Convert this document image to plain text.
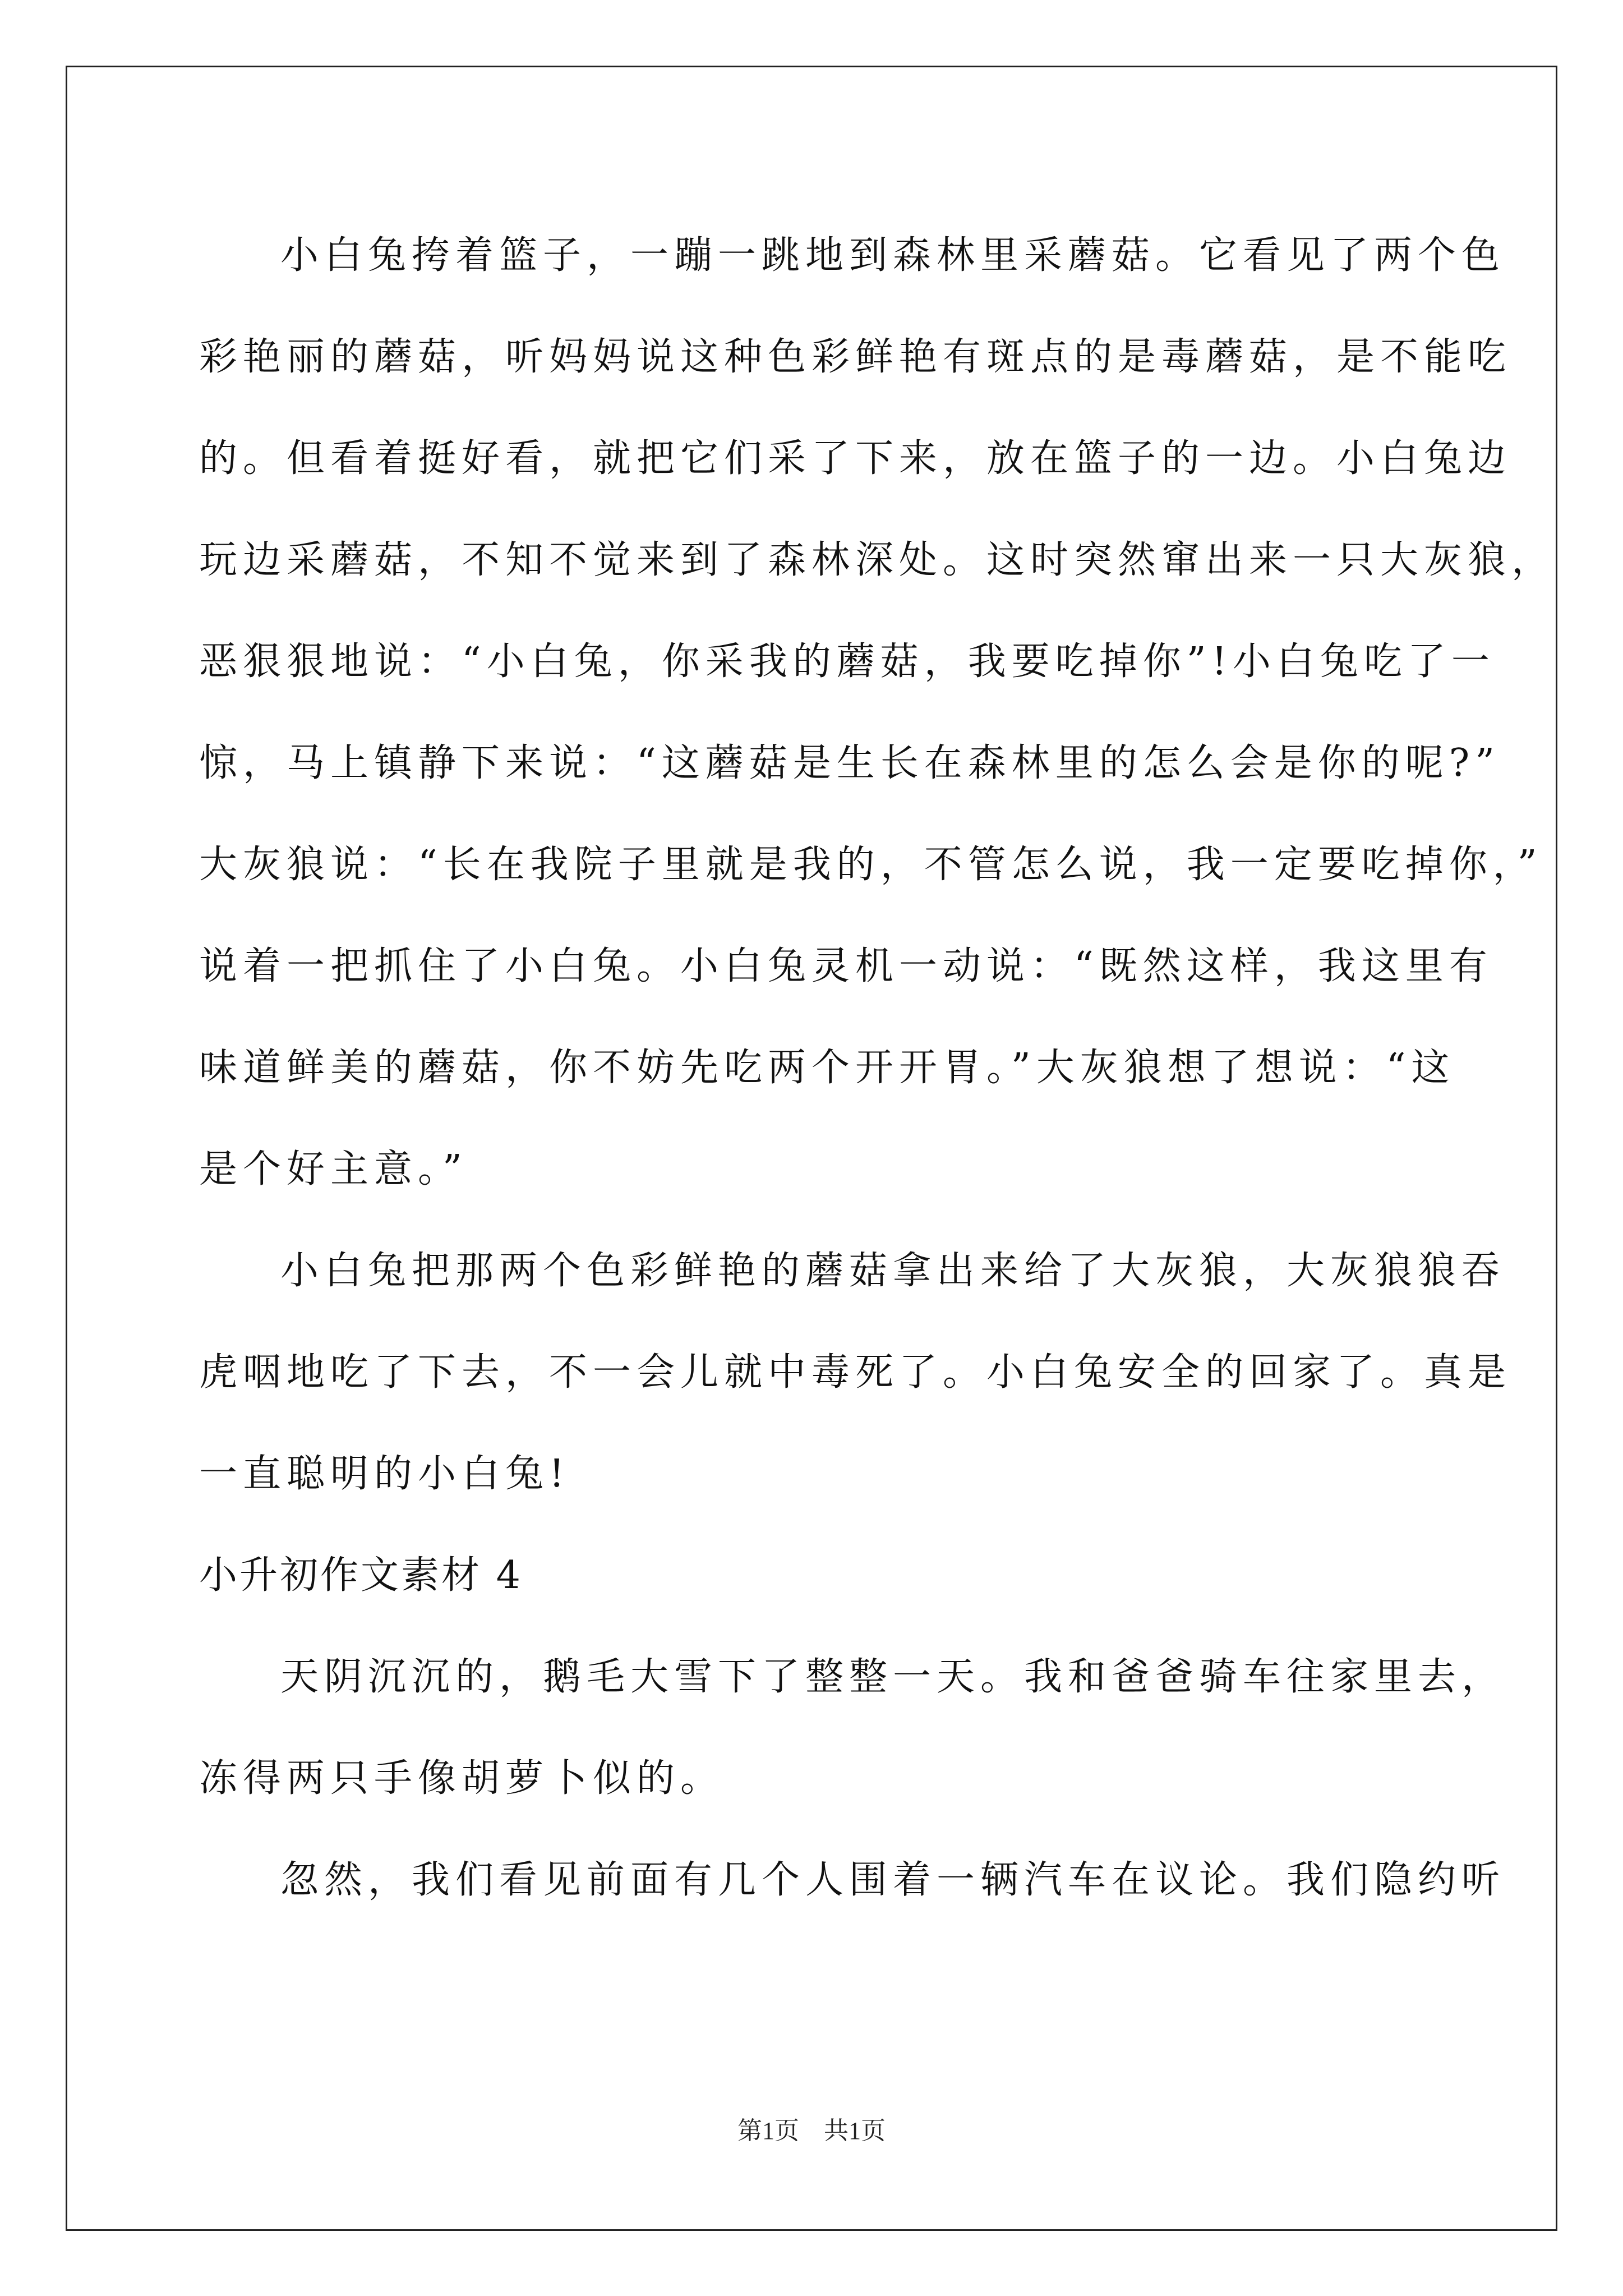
小白兔挎着篮子，一蹦一跳地到森林里采蘑菇。它看见了两个色
彩艳丽的蘑菇，听妈妈说这种色彩鲜艳有斑点的是毒蘑菇，是不能吃
的。但看着挺好看，就把它们采了下来，放在篮子的一边。小白兔边
玩边采蘑菇，不知不觉来到了森林深处。这时突然窜出来一只大灰狼，
恶狠狠地说：“小白兔，你采我的蘑菇，我要吃掉你”!小白兔吃了一
惊，马上镇静下来说：“这蘑菇是生长在森林里的怎么会是你的呢?”
大灰狼说：“长在我院子里就是我的，不管怎么说，我一定要吃掉你，”
说着一把抓住了小白兔。小白兔灵机一动说：“既然这样，我这里有
味道鲜美的蘑菇，你不妨先吃两个开开胃。”大灰狼想了想说：“这
是个好主意。”
小白兔把那两个色彩鲜艳的蘑菇拿出来给了大灰狼，大灰狼狼吞
虎咽地吃了下去，不一会儿就中毒死了。小白兔安全的回家了。真是
一直聪明的小白兔!
小升初作文素材 4
天阴沉沉的，鹅毛大雪下了整整一天。我和爸爸骑车往家里去，
冻得两只手像胡萝卜似的。
忽然，我们看见前面有几个人围着一辆汽车在议论。我们隐约听
第1页　共1页
